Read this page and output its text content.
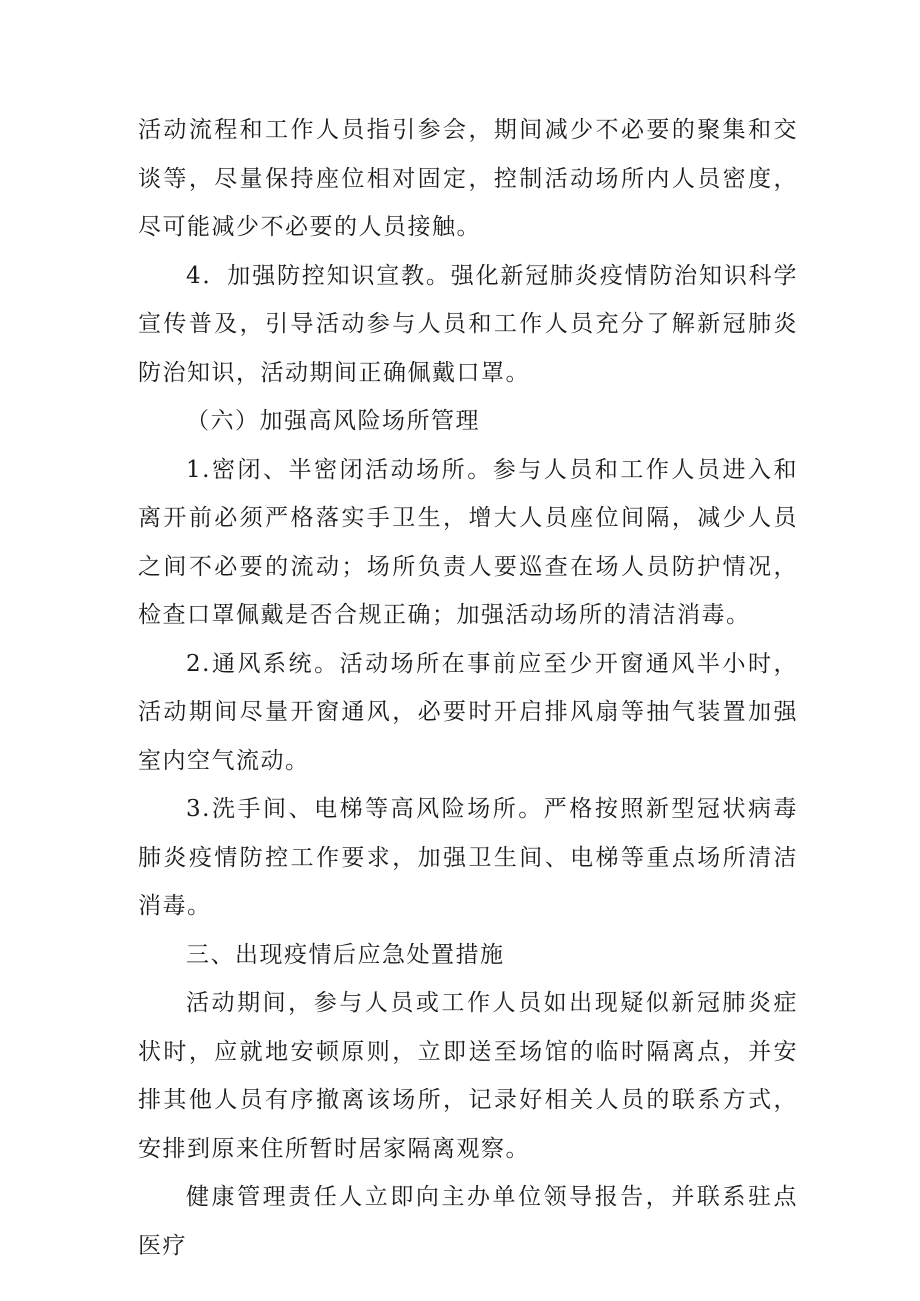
活动流程和工作人员指引参会，期间减少不必要的聚集和交谈等，尽量保持座位相对固定，控制活动场所内人员密度，尽可能减少不必要的人员接触。

4．加强防控知识宣教。强化新冠肺炎疫情防治知识科学宣传普及，引导活动参与人员和工作人员充分了解新冠肺炎防治知识，活动期间正确佩戴口罩。

（六）加强高风险场所管理

1.密闭、半密闭活动场所。参与人员和工作人员进入和离开前必须严格落实手卫生，增大人员座位间隔，减少人员之间不必要的流动；场所负责人要巡查在场人员防护情况，检查口罩佩戴是否合规正确；加强活动场所的清洁消毒。

2.通风系统。活动场所在事前应至少开窗通风半小时，活动期间尽量开窗通风，必要时开启排风扇等抽气装置加强室内空气流动。

3.洗手间、电梯等高风险场所。严格按照新型冠状病毒肺炎疫情防控工作要求，加强卫生间、电梯等重点场所清洁消毒。

三、出现疫情后应急处置措施

活动期间，参与人员或工作人员如出现疑似新冠肺炎症状时，应就地安顿原则，立即送至场馆的临时隔离点，并安排其他人员有序撤离该场所，记录好相关人员的联系方式，安排到原来住所暂时居家隔离观察。

健康管理责任人立即向主办单位领导报告，并联系驻点医疗
